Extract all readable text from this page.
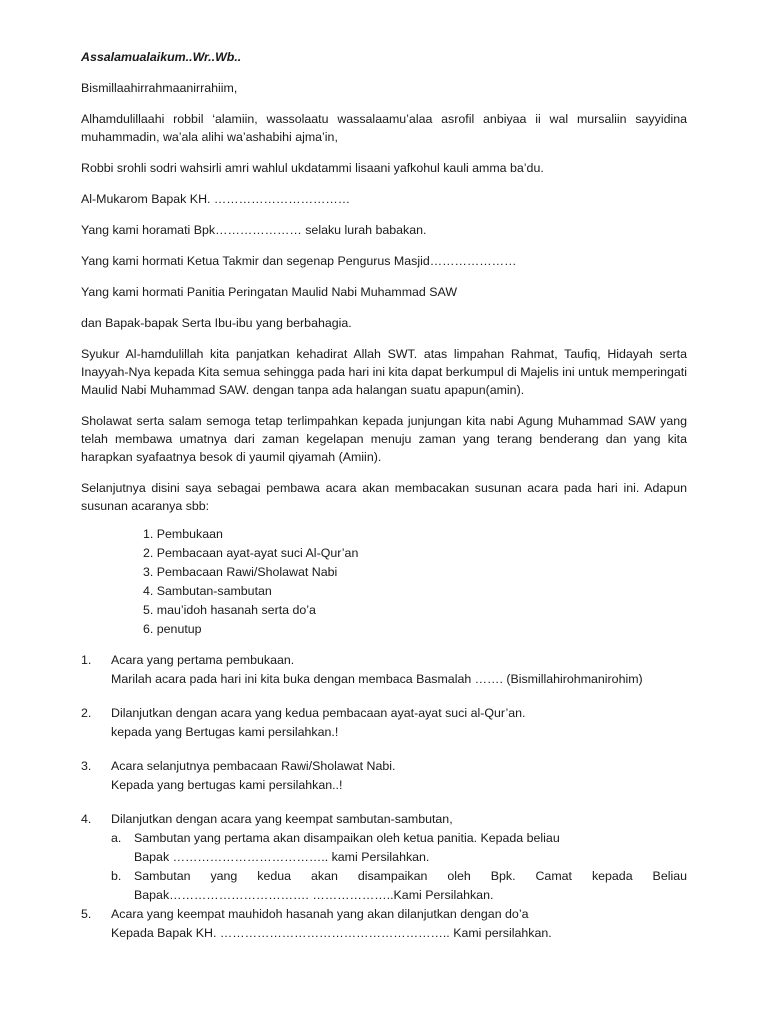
Assalamualaikum..Wr..Wb..

Bismillaahirrahmaanirrahiim,

Alhamdulillaahi robbil ‘alamiin, wassolaatu wassalaamu’alaa asrofil anbiyaa ii wal mursaliin sayyidina muhammadin, wa’ala alihi wa’ashabihi ajma’in,

Robbi srohli sodri wahsirli amri wahlul ukdatammi lisaani yafkohul kauli amma ba’du.

Al-Mukarom Bapak KH. ……………………………

Yang kami horamati Bpk………………… selaku lurah babakan.

Yang kami hormati Ketua Takmir dan segenap Pengurus Masjid…………………

Yang kami hormati Panitia Peringatan Maulid Nabi Muhammad SAW

dan Bapak-bapak Serta Ibu-ibu yang berbahagia.

Syukur Al-hamdulillah kita panjatkan kehadirat Allah SWT. atas limpahan Rahmat, Taufiq, Hidayah serta Inayyah-Nya kepada Kita semua sehingga pada hari ini kita dapat berkumpul di Majelis ini untuk memperingati Maulid Nabi Muhammad SAW. dengan tanpa ada halangan suatu apapun(amin).

Sholawat serta salam semoga tetap terlimpahkan kepada junjungan kita nabi Agung Muhammad SAW yang telah membawa umatnya dari zaman kegelapan menuju zaman yang terang benderang dan yang kita harapkan syafaatnya besok di yaumil qiyamah (Amiin).

Selanjutnya disini saya sebagai pembawa acara akan membacakan susunan acara pada hari ini. Adapun susunan acaranya sbb:

1. Pembukaan
2. Pembacaan ayat-ayat suci Al-Qur’an
3. Pembacaan Rawi/Sholawat Nabi
4. Sambutan-sambutan
5. mau’idoh hasanah serta do’a
6. penutup
1.	Acara yang pertama pembukaan.

Marilah acara pada hari ini kita buka dengan membaca Basmalah ……. (Bismillahirohmanirohim)

2.	Dilanjutkan dengan acara yang kedua pembacaan ayat-ayat suci al-Qur’an.

kepada yang Bertugas kami persilahkan.!

3.	Acara selanjutnya pembacaan Rawi/Sholawat Nabi.

Kepada yang bertugas kami persilahkan..!

4.	Dilanjutkan dengan acara yang keempat sambutan-sambutan,

a.	Sambutan yang pertama akan disampaikan oleh ketua panitia. Kepada beliau

Bapak ……………………………….. kami Persilahkan.

b.	Sambutan yang kedua akan disampaikan oleh Bpk. Camat kepada Beliau

Bapak……………………………. ………………..Kami Persilahkan.

5.	Acara yang keempat mauhidoh hasanah yang akan dilanjutkan dengan do’a

Kepada Bapak KH. ……………………………………………….. Kami persilahkan.
